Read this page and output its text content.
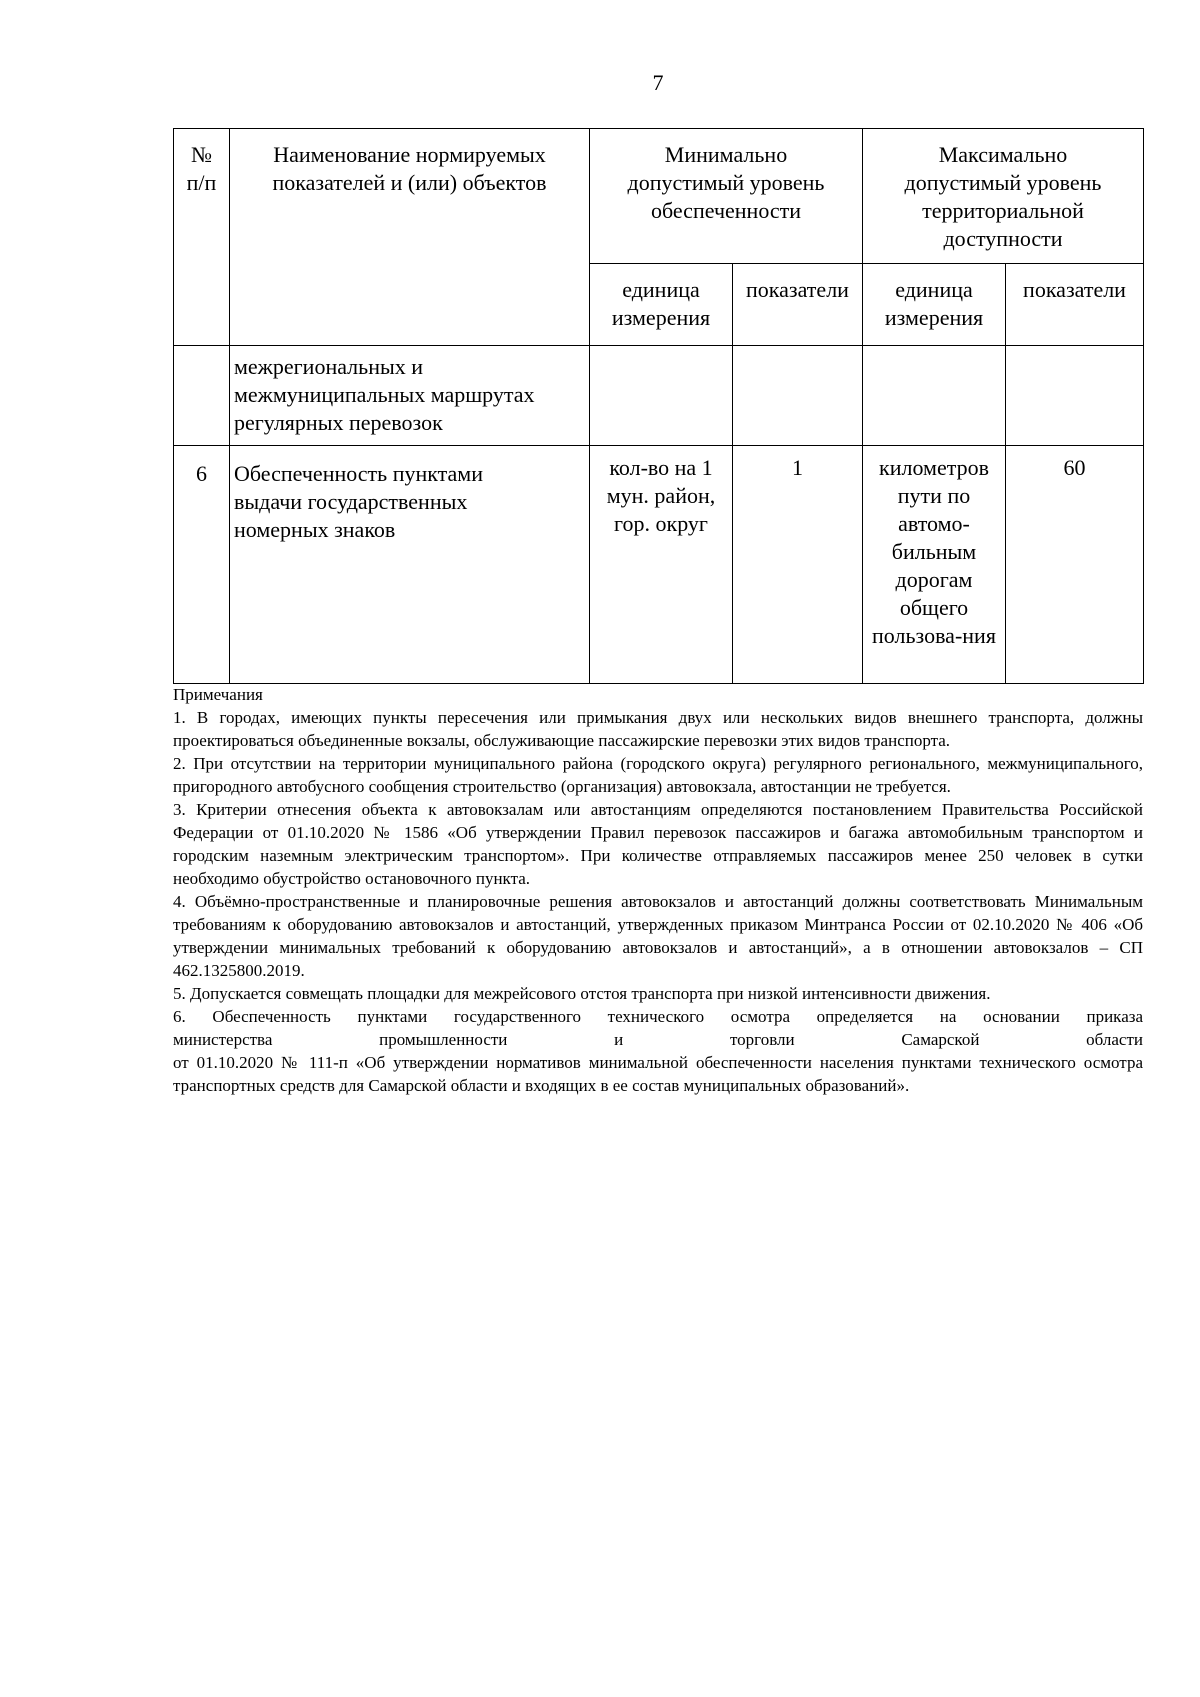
7
№
п/п	Наименование нормируемых показателей и (или) объектов	Минимально допустимый уровень обеспеченности		Максимально допустимый уровень территориальной доступности	
		единица измерения	показатели	единица измерения	показатели
	межрегиональных и межмуниципальных маршрутах регулярных перевозок				
6	Обеспеченность пунктами выдачи государственных номерных знаков	кол-во на 1 мун. район, гор. округ	1	километров пути по автомо-бильным дорогам общего пользова-ния	60

Примечания

1. В городах, имеющих пункты пересечения или примыкания двух или нескольких видов внешнего транспорта, должны проектироваться объединенные вокзалы, обслуживающие пассажирские перевозки этих видов транспорта.

2. При отсутствии на территории муниципального района (городского округа) регулярного регионального, межмуниципального, пригородного автобусного сообщения строительство (организация) автовокзала, автостанции не требуется.

3. Критерии отнесения объекта к автовокзалам или автостанциям определяются постановлением Правительства Российской Федерации от 01.10.2020 № 1586 «Об утверждении Правил перевозок пассажиров и багажа автомобильным транспортом и городским наземным электрическим транспортом». При количестве отправляемых пассажиров менее 250 человек в сутки необходимо обустройство остановочного пункта.

4. Объёмно-пространственные и планировочные решения автовокзалов и автостанций должны соответствовать Минимальным требованиям к оборудованию автовокзалов и автостанций, утвержденных приказом Минтранса России от 02.10.2020 № 406 «Об утверждении минимальных требований к оборудованию автовокзалов и автостанций», а в отношении автовокзалов – СП 462.1325800.2019.

5. Допускается совмещать площадки для межрейсового отстоя транспорта при низкой интенсивности движения.

6. Обеспеченность пунктами государственного технического осмотра определяется на основании приказа

министерства промышленности и торговли Самарской области

от 01.10.2020 № 111-п «Об утверждении нормативов минимальной обеспеченности населения пунктами технического осмотра транспортных средств для Самарской области и входящих в ее состав муниципальных образований».
